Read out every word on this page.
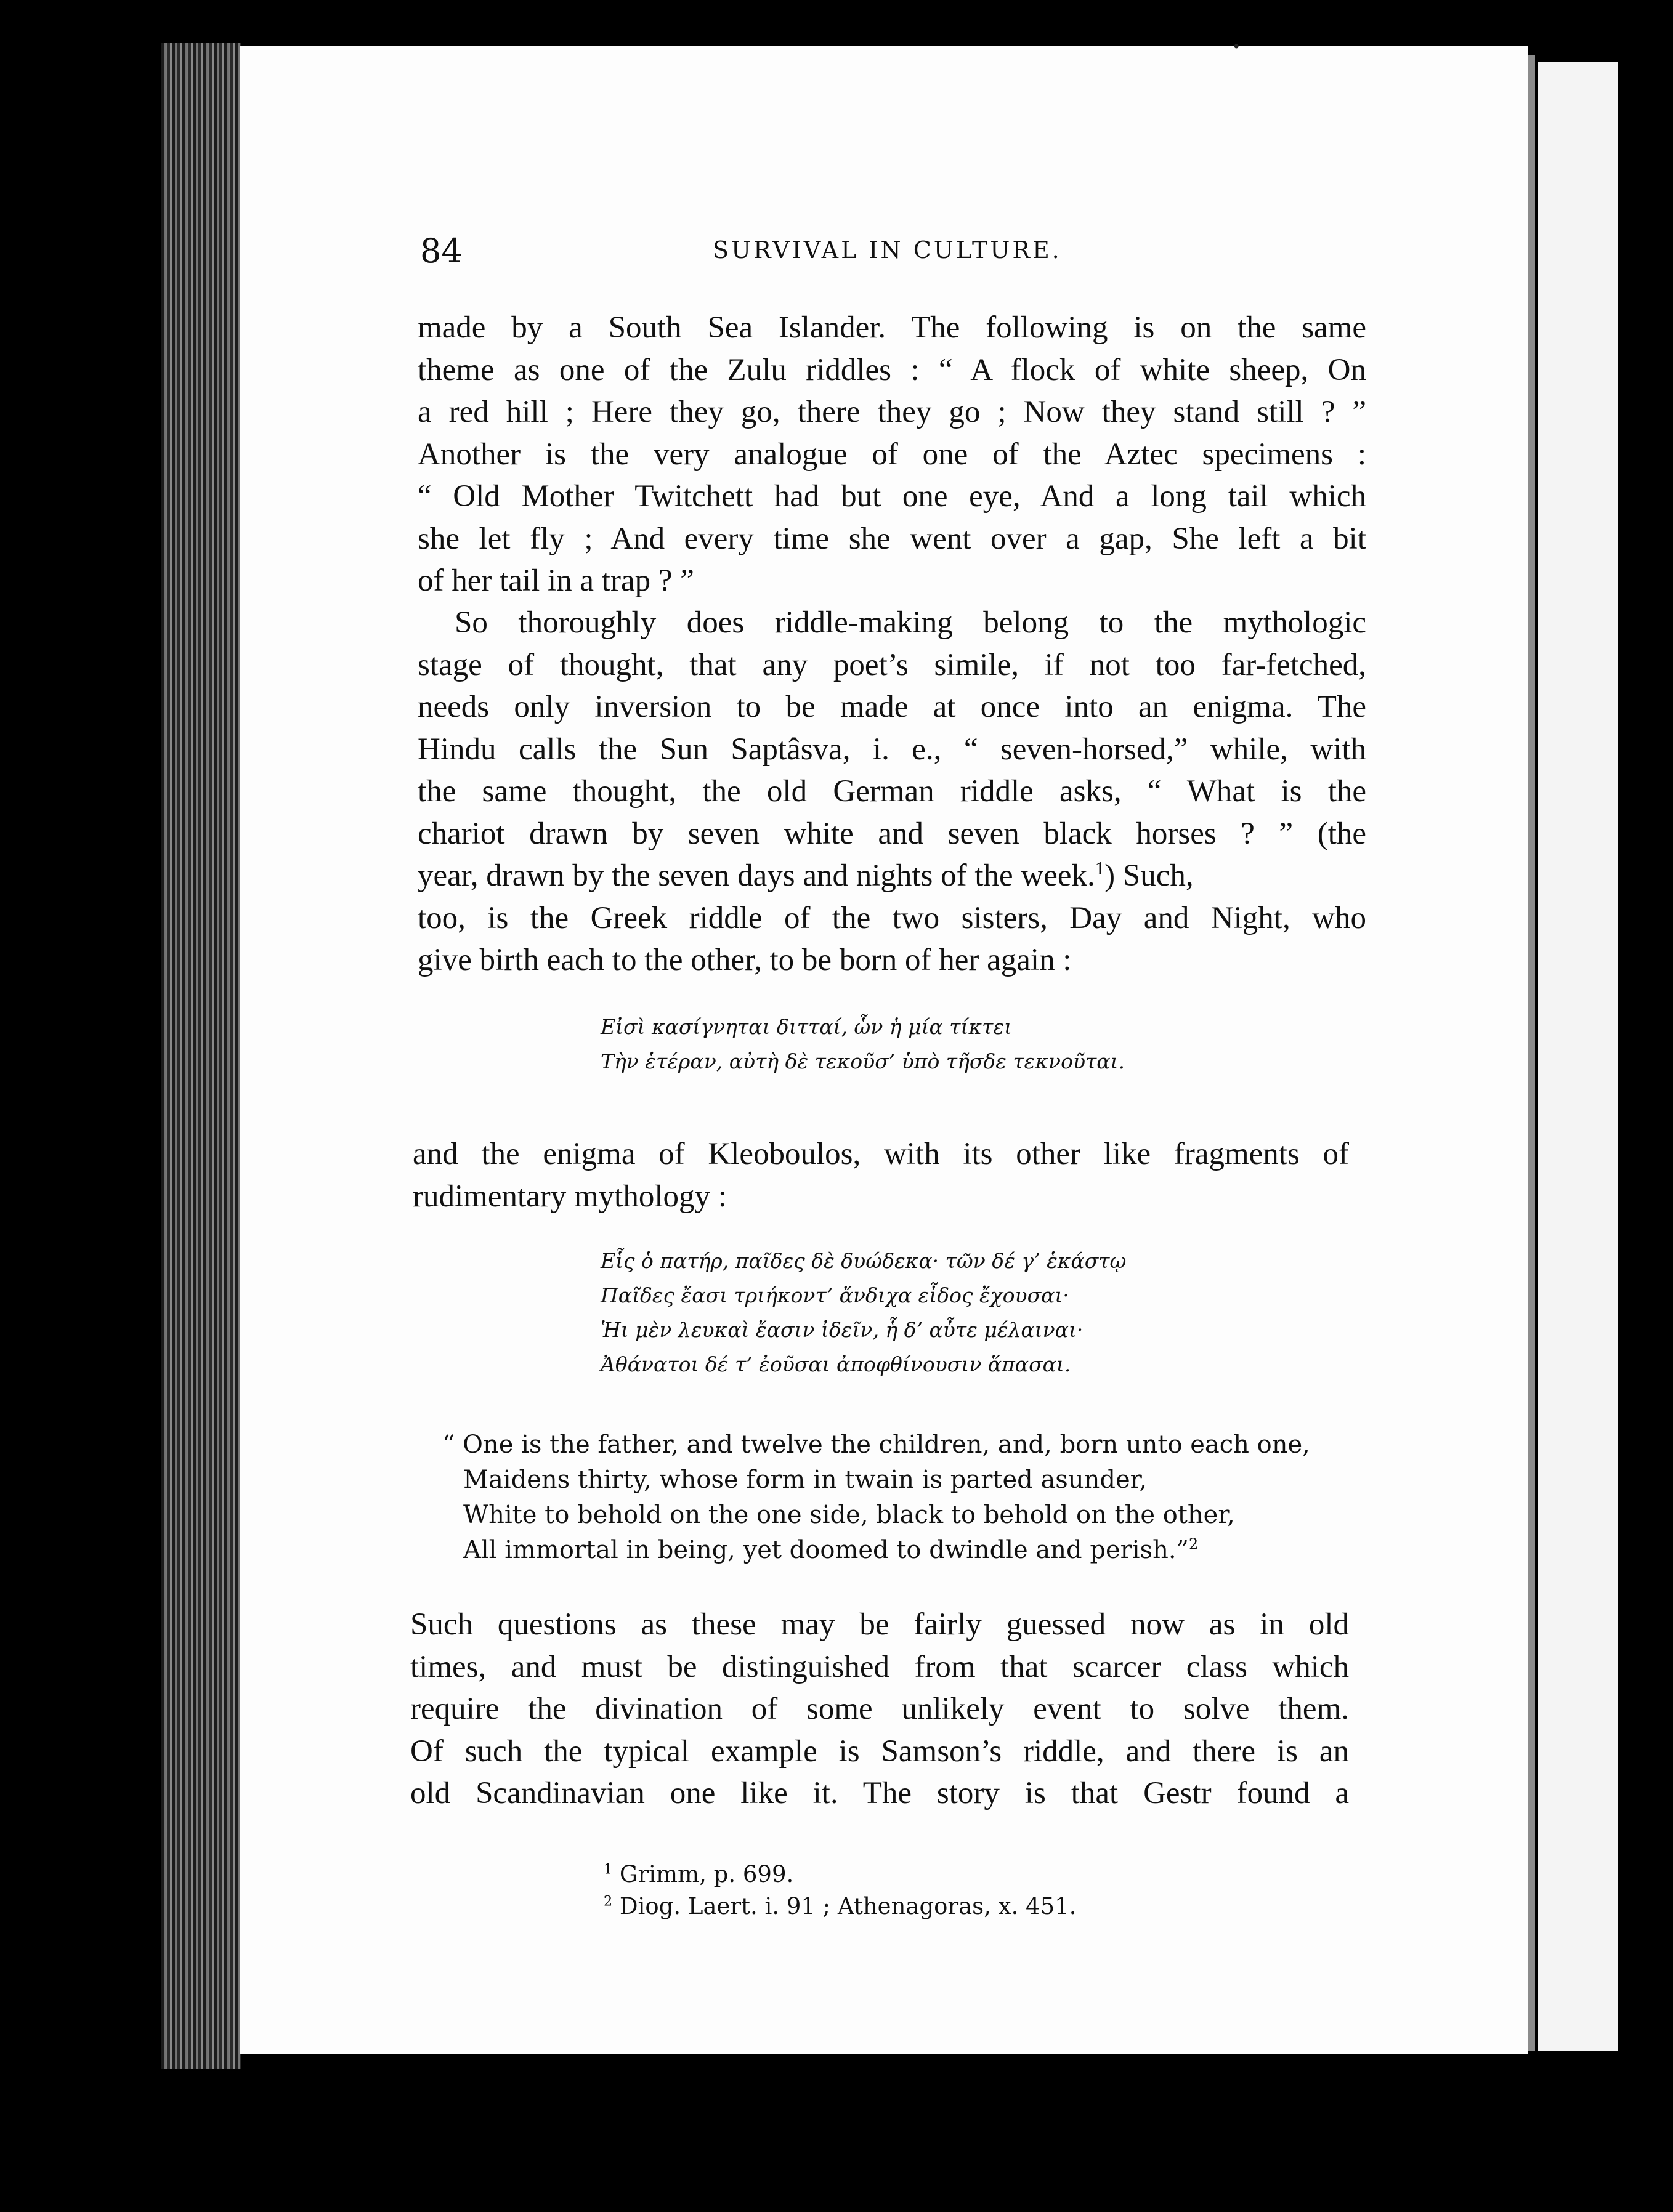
•
84	SURVIVAL IN CULTURE.
made by a South Sea Islander. The following is on the same
theme as one of the Zulu riddles : “ A flock of white sheep, On
a red hill ; Here they go, there they go ; Now they stand still ? ”
Another is the very analogue of one of the Aztec specimens :
“ Old Mother Twitchett had but one eye, And a long tail which
she let fly ; And every time she went over a gap, She left a bit
of her tail in a trap ? ”
So thoroughly does riddle-making belong to the mythologic
stage of thought, that any poet’s simile, if not too far-fetched,
needs only inversion to be made at once into an enigma. The
Hindu calls the Sun Saptâsva, i. e., “ seven-horsed,” while, with
the same thought, the old German riddle asks, “ What is the
chariot drawn by seven white and seven black horses ? ” (the
year, drawn by the seven days and nights of the week.$^1$) Such,
too, is the Greek riddle of the two sisters, Day and Night, who
give birth each to the other, to be born of her again :
Εἰσὶ κασίγνηται διτταί, ὧν ἡ μία τίκτει
Τὴν ἑτέραν, αὐτὴ δὲ τεκοῦσ’ ὑπὸ τῆσδε τεκνοῦται.
and the enigma of Kleoboulos, with its other like fragments of
rudimentary mythology :
Εἷς ὁ πατήρ, παῖδες δὲ δυώδεκα· τῶν δέ γ’ ἑκάστῳ
Παῖδες ἔασι τριήκοντ’ ἄνδιχα εἶδος ἔχουσαι·
Ἡι μὲν λευκαὶ ἔασιν ἰδεῖν, ἧ δ’ αὖτε μέλαιναι·
Ἀθάνατοι δέ τ’ ἐοῦσαι ἀποφθίνουσιν ἅπασαι.
“ One is the father, and twelve the children, and, born unto each one,
Maidens thirty, whose form in twain is parted asunder,
White to behold on the one side, black to behold on the other,
All immortal in being, yet doomed to dwindle and perish.”$^2$
Such questions as these may be fairly guessed now as in old
times, and must be distinguished from that scarcer class which
require the divination of some unlikely event to solve them.
Of such the typical example is Samson’s riddle, and there is an
old Scandinavian one like it. The story is that Gestr found a
$^1$ Grimm, p. 699.
$^2$ Diog. Laert. i. 91 ; Athenagoras, x. 451.
